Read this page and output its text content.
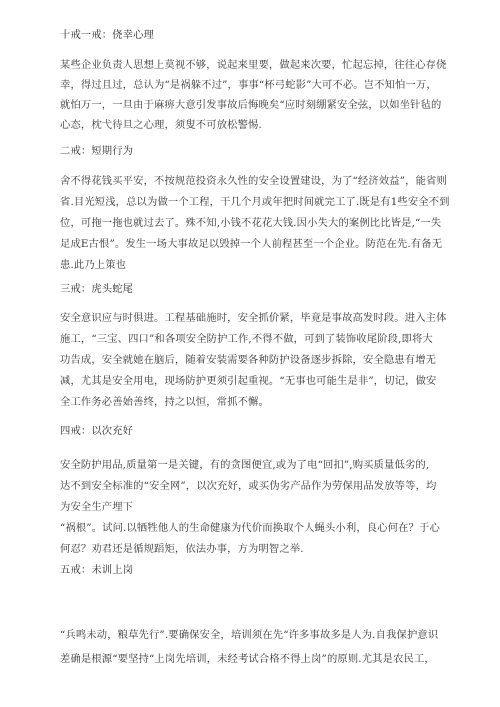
十戒一戒：侥幸心理
某些企业负责人思想上莫视不够，说起来里要，做起来次要，忙起忘掉，往往心存侥
幸，得过且过，总认为“是祸躲不过”，事事“杯弓蛇影”大可不必。岂不知怕一万，
就怕万一，一旦由于麻痹大意引发事故后悔晚矣“应时刻绷紧安全弦，以如坐针毡的
心态，枕弋待旦之心理，须叟不可放松警惕.
二戒：短期行为
舍不得花钱买平安，不按规范投资永久性的安全设置建设，为了“经济效益”，能省则
省.目光短浅，总以为做一个工程，干几个月或年把时间就完工了.既是有1些安全不到
位，可拖一拖也就过去了。殊不知,小钱不花花大钱.因小失大的案例比比皆是,“一失
足成E古恨”。发生一场大事故足以毁掉一个人前程甚至一个企业。防范在先.有备无
患.此乃上策也
三戒：虎头蛇尾
安全意识应与时俱进。工程基础施时，安全抓价紧，毕竟是事故高发时段。进入主体
施工，“三宝、四口”和各项安全防护工作,不得不做，可到了装饰收尾阶段,即将大
功告成，安全就她在脑后，随着安装需要各种防护设备逐步拆除，安全隐患有增无
减，尤其是安全用电，现场防护更须引起重视。“无事也可能生是非”，切记，做安
全工作务必善始善终，持之以恒，常抓不懈。
四戒：以次充好
安全防护用品,质量第一是关键，有的贪图便宜,或为了电“回扣”,购买质量低劣的,
达不到安全标准的“安全网”，以次充好，或买伪劣产品作为劳保用品发放等等，均
为安全生产埋下
“祸根”。试问.以牺牲他人的生命健康为代价而换取个人蝇头小利，良心何在？于心
何忍？劝君还是循规蹈矩，依法办事，方为明智之举.
五戒：未训上岗
“兵鸣未动，粮草先行”.要确保安全，培训须在先“许多事故多是人为.自我保护意识
差确是根源“要坚持“上岗先培训，未经考试合格不得上岗”的原则.尤其是农民工，
